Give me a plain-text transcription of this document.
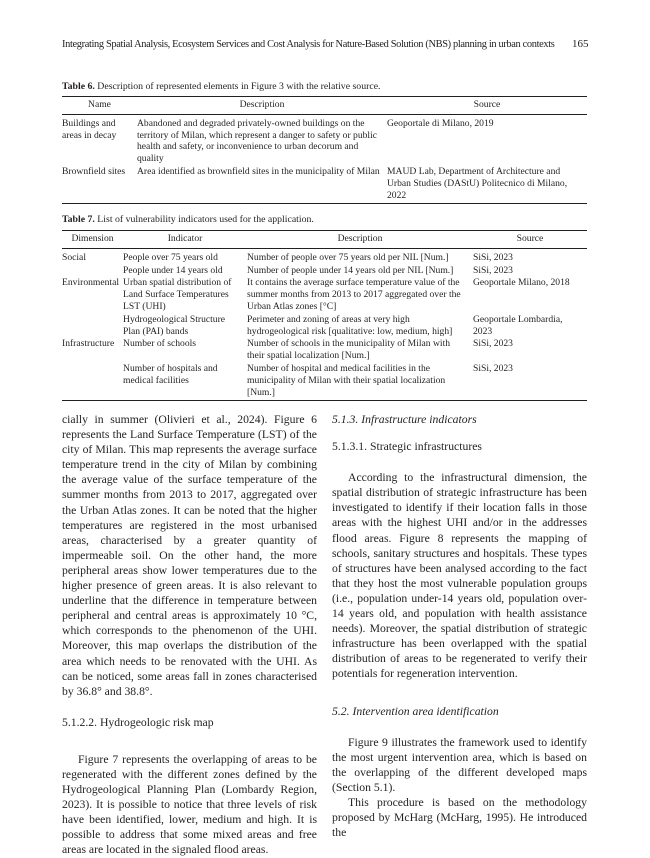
Integrating Spatial Analysis, Ecosystem Services and Cost Analysis for Nature-Based Solution (NBS) planning in urban contexts	165
Table 6. Description of represented elements in Figure 3 with the relative source.
Name	Description	Source
Buildings and areas in decay	Abandoned and degraded privately-owned buildings on the territory of Milan, which represent a danger to safety or public health and safety, or inconvenience to urban decorum and quality	Geoportale di Milano, 2019
Brownfield sites	Area identified as brownfield sites in the municipality of Milan	MAUD Lab, Department of Architecture and Urban Studies (DAStU) Politecnico di Milano, 2022
Table 7. List of vulnerability indicators used for the application.
Dimension	Indicator	Description	Source
Social	People over 75 years old	Number of people over 75 years old per NIL [Num.]	SiSi, 2023
	People under 14 years old	Number of people under 14 years old per NIL [Num.]	SiSi, 2023
Environmental	Urban spatial distribution of Land Surface Temperatures LST (UHI)	It contains the average surface temperature value of the summer months from 2013 to 2017 aggregated over the Urban Atlas zones [°C]	Geoportale Milano, 2018
	Hydrogeological Structure Plan (PAI) bands	Perimeter and zoning of areas at very high hydrogeological risk [qualitative: low, medium, high]	Geoportale Lombardia, 2023
Infrastructure	Number of schools	Number of schools in the municipality of Milan with their spatial localization [Num.]	SiSi, 2023
	Number of hospitals and medical facilities	Number of hospital and medical facilities in the municipality of Milan with their spatial localization [Num.]	SiSi, 2023

cially in summer (Olivieri et al., 2024). Figure 6 represents the Land Surface Temperature (LST) of the city of Milan. This map represents the average surface temperature trend in the city of Milan by combining the average value of the surface temperature of the summer months from 2013 to 2017, aggregated over the Urban Atlas zones. It can be noted that the higher temperatures are registered in the most urbanised areas, characterised by a greater quantity of impermeable soil. On the other hand, the more peripheral areas show lower temperatures due to the higher presence of green areas. It is also relevant to underline that the difference in temperature between peripheral and central areas is approximately 10 °C, which corresponds to the phenomenon of the UHI. Moreover, this map overlaps the distribution of the area which needs to be renovated with the UHI. As can be noticed, some areas fall in zones characterised by 36.8° and 38.8°.

5.1.2.2. Hydrogeologic risk map

Figure 7 represents the overlapping of areas to be regenerated with the different zones defined by the Hydrogeological Planning Plan (Lombardy Region, 2023). It is possible to notice that three levels of risk have been identified, lower, medium and high. It is possible to address that some mixed areas and free areas are located in the signaled flood areas.

5.1.3. Infrastructure indicators

5.1.3.1. Strategic infrastructures

According to the infrastructural dimension, the spatial distribution of strategic infrastructure has been investigated to identify if their location falls in those areas with the highest UHI and/or in the addresses flood areas. Figure 8 represents the mapping of schools, sanitary structures and hospitals. These types of structures have been analysed according to the fact that they host the most vulnerable population groups (i.e., population under-14 years old, population over-14 years old, and population with health assistance needs). Moreover, the spatial distribution of strategic infrastructure has been overlapped with the spatial distribution of areas to be regenerated to verify their potentials for regeneration intervention.

5.2. Intervention area identification

Figure 9 illustrates the framework used to identify the most urgent intervention area, which is based on the overlapping of the different developed maps (Section 5.1).

This procedure is based on the methodology proposed by McHarg (McHarg, 1995). He introduced the
